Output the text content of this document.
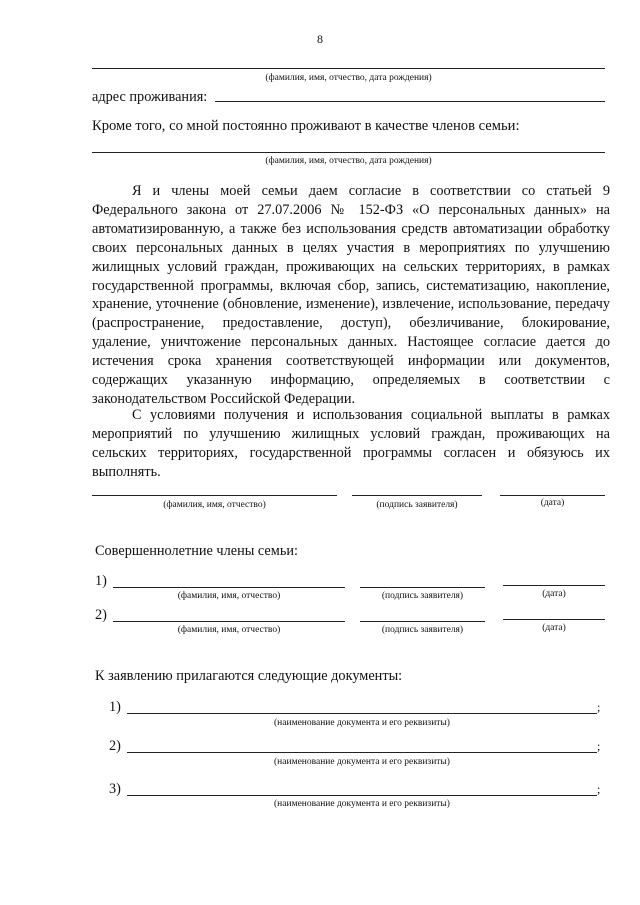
8
(фамилия, имя, отчество, дата рождения)
адрес проживания:
Кроме того, со мной постоянно проживают в качестве членов семьи:
(фамилия, имя, отчество, дата рождения)

Я и члены моей семьи даем согласие в соответствии со статьей 9 Федерального закона от 27.07.2006 № 152-ФЗ «О персональных данных» на автоматизированную, а также без использования средств автоматизации обработку своих персональных данных в целях участия в мероприятиях по улучшению жилищных условий граждан, проживающих на сельских территориях, в рамках государственной программы, включая сбор, запись, систематизацию, накопление, хранение, уточнение (обновление, изменение), извлечение, использование, передачу (распространение, предоставление, доступ), обезличивание, блокирование, удаление, уничтожение персональных данных. Настоящее согласие дается до истечения срока хранения соответствующей информации или документов, содержащих указанную информацию, определяемых в соответствии с законодательством Российской Федерации.

С условиями получения и использования социальной выплаты в рамках мероприятий по улучшению жилищных условий граждан, проживающих на сельских территориях, государственной программы согласен и обязуюсь их выполнять.

(фамилия, имя, отчество)	(подпись заявителя)	(дата)
Совершеннолетние члены семьи:
1)
(фамилия, имя, отчество)	(подпись заявителя)	(дата)
2)
(фамилия, имя, отчество)	(подпись заявителя)	(дата)
К заявлению прилагаются следующие документы:
1)	;
(наименование документа и его реквизиты)
2)	;
(наименование документа и его реквизиты)
3)	;
(наименование документа и его реквизиты)
